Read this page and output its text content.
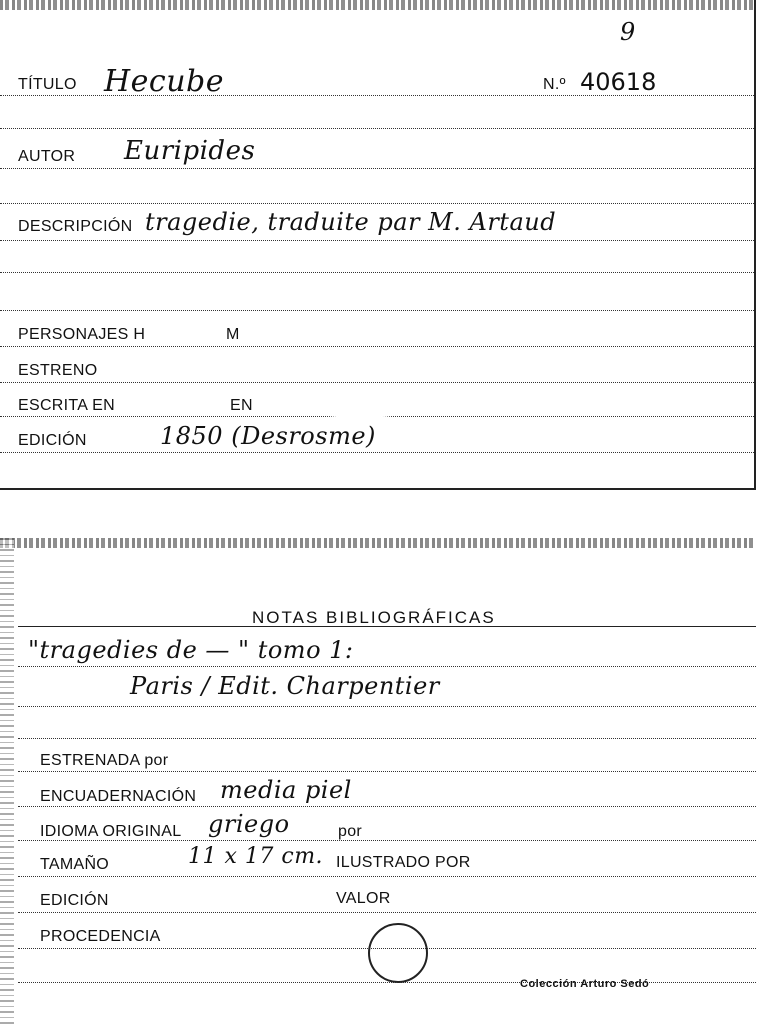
9
TÍTULO Hecube	N.º 40618
AUTOR Euripides
DESCRIPCIÓN tragedie, traduite par M. Artaud
PERSONAJES H	M
ESTRENO
ESCRITA EN	EN
EDICIÓN	1850 (Desrosme)
NOTAS BIBLIOGRÁFICAS
"tragedies de — " tomo 1:
Paris / Edit. Charpentier
ESTRENADA por
ENCUADERNACIÓN media piel
IDIOMA ORIGINAL griego	por
TAMAÑO	11 x 17 cm. ILUSTRADO POR
EDICIÓN	VALOR
PROCEDENCIA
Colección Arturo Sedó
